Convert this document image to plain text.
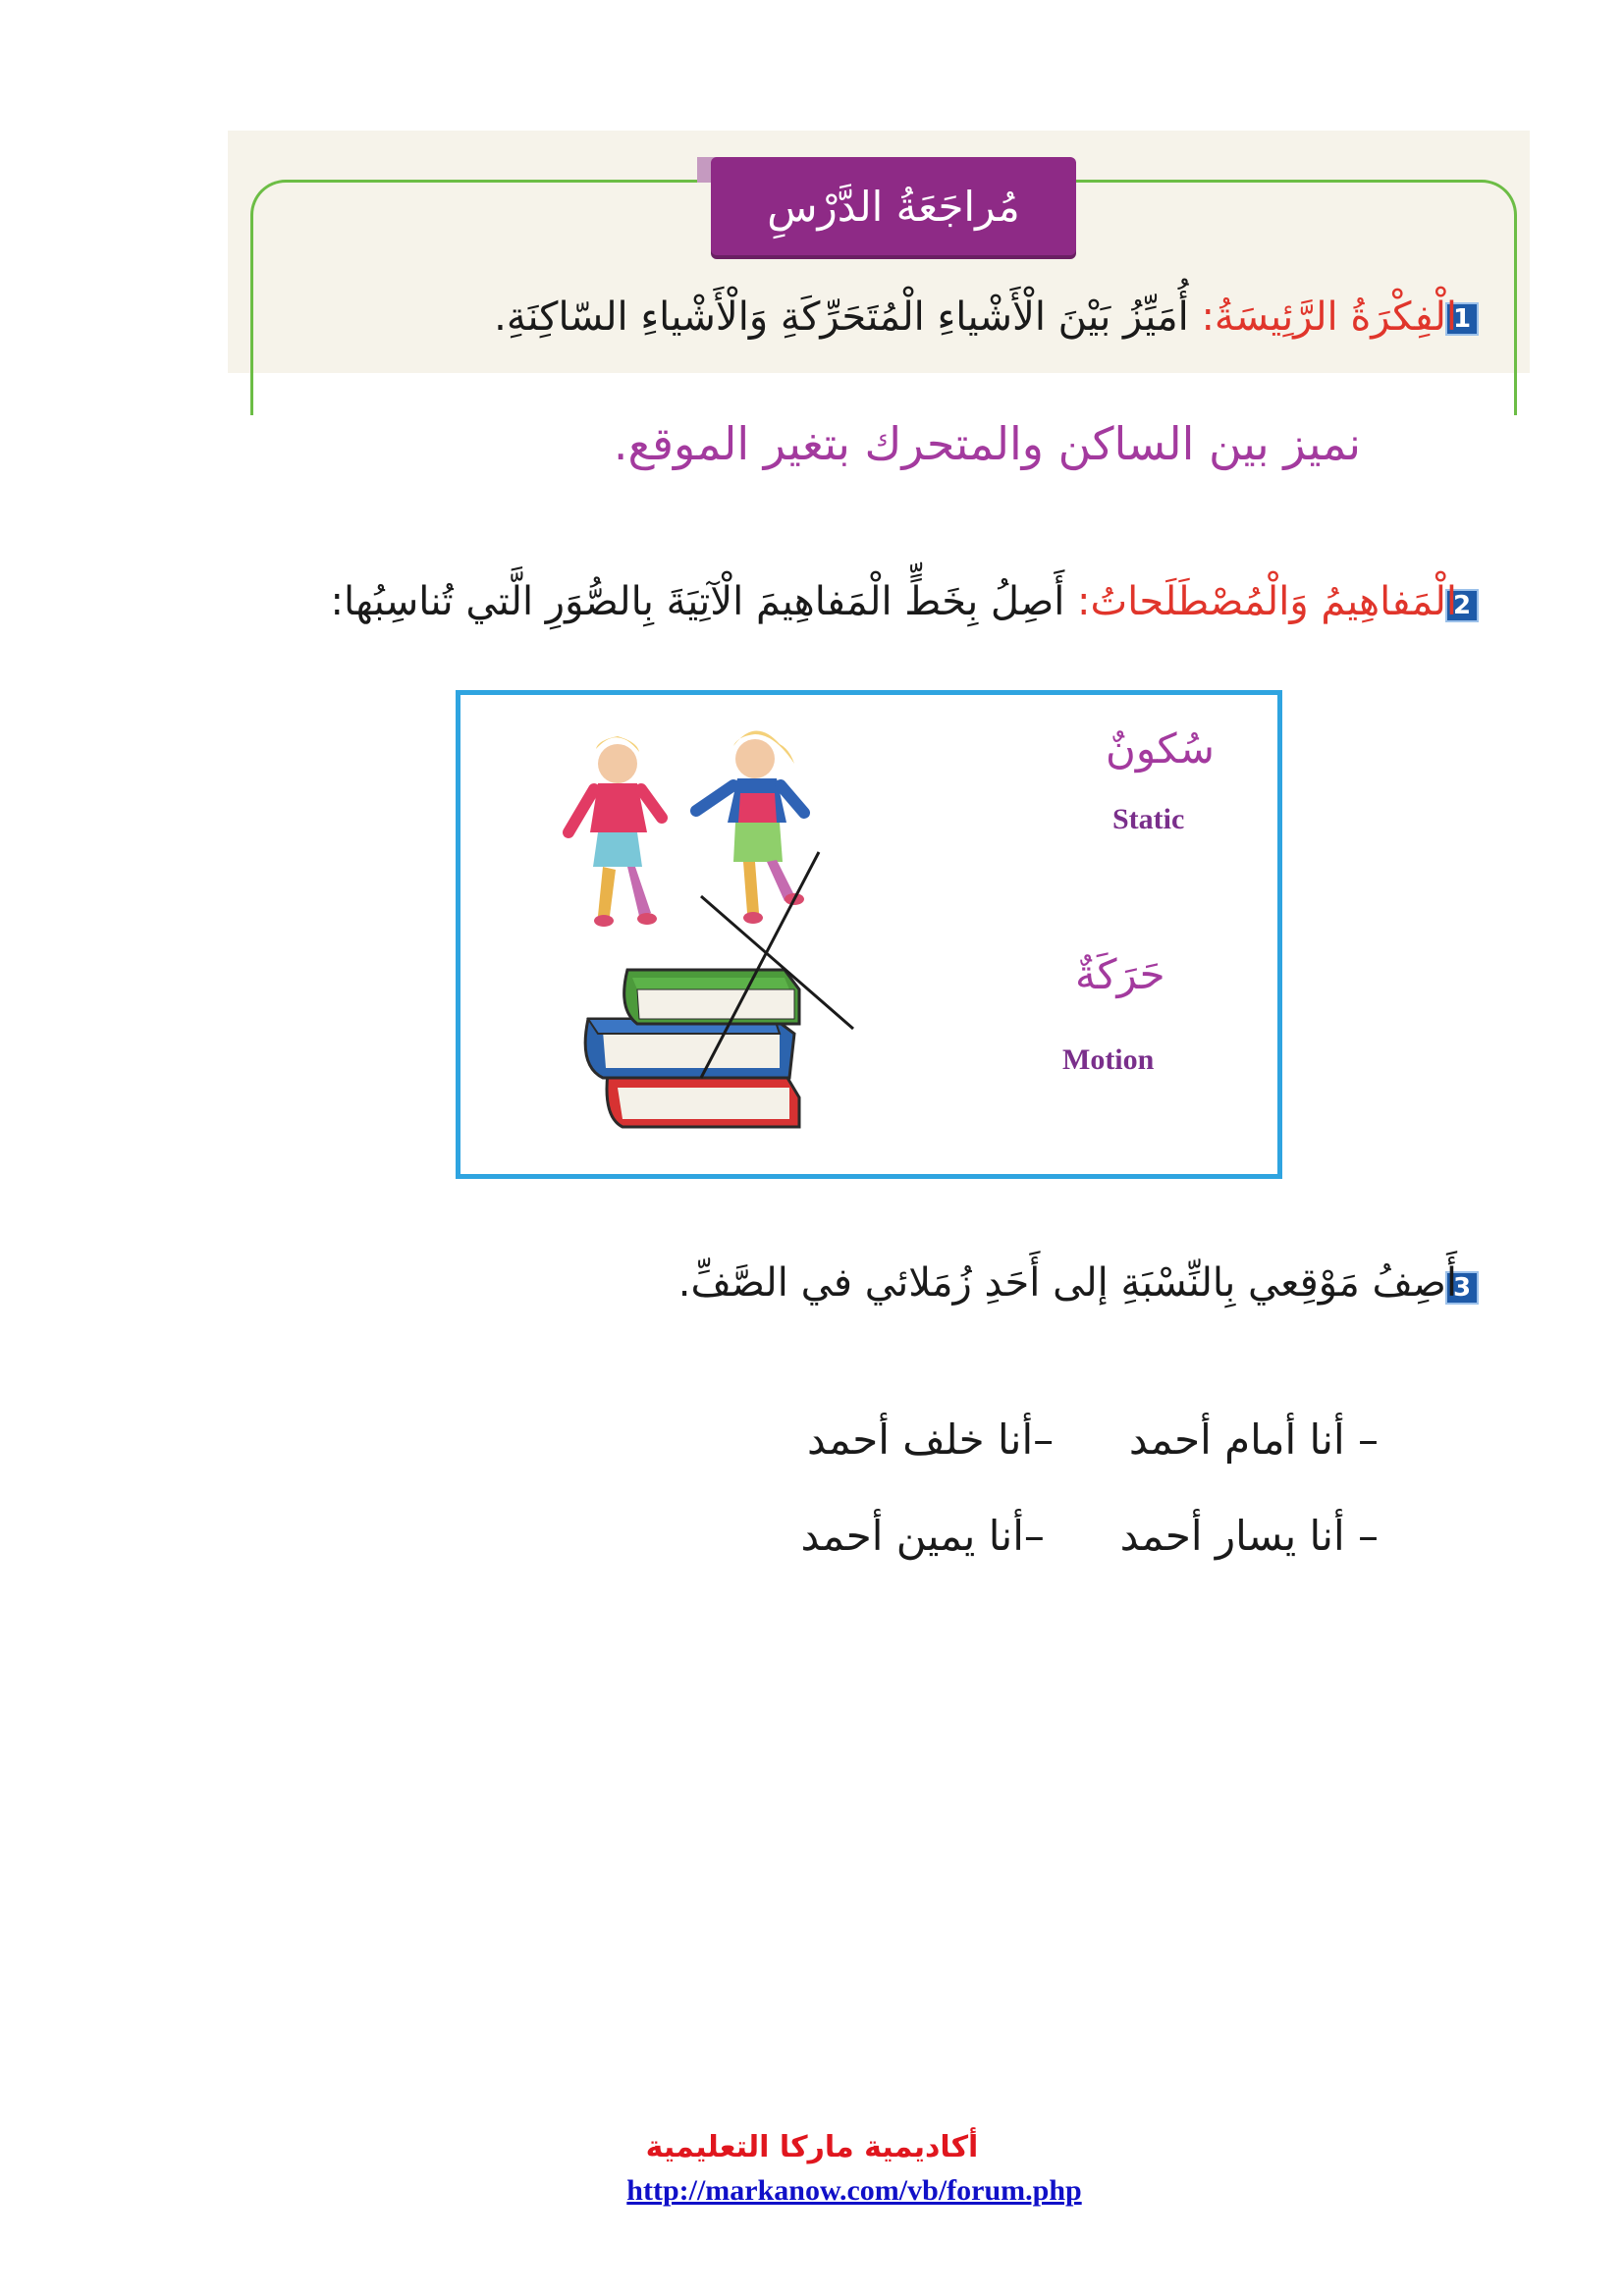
مُراجَعَةُ الدَّرْسِ
1
الْفِكْرَةُ الرَّئِيسَةُ: أُمَيِّزُ بَيْنَ الْأَشْياءِ الْمُتَحَرِّكَةِ وَالْأَشْياءِ السّاكِنَةِ.
نميز بين الساكن والمتحرك بتغير الموقع.
2
الْمَفاهِيمُ وَالْمُصْطَلَحاتُ: أَصِلُ بِخَطٍّ الْمَفاهِيمَ الْآتِيَةَ بِالصُّوَرِ الَّتي تُناسِبُها:
سُكونٌ
Static
حَرَكَةٌ
Motion
3
أَصِفُ مَوْقِعي بِالنِّسْبَةِ إلى أَحَدِ زُمَلائي في الصَّفِّ.
– أنا أمام أحمد  –أنا خلف أحمد
– أنا يسار أحمد  –أنا يمين أحمد
أكاديمية ماركا التعليمية
http://markanow.com/vb/forum.php
